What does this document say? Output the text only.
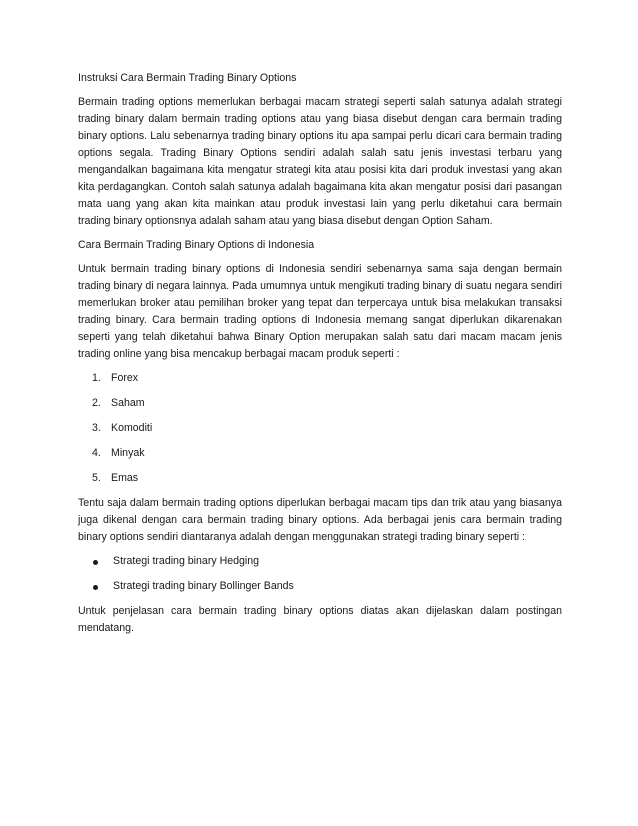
Instruksi Cara Bermain Trading Binary Options

Bermain trading options memerlukan berbagai macam strategi seperti salah satunya adalah strategi trading binary dalam bermain trading options atau yang biasa disebut dengan cara bermain trading binary options. Lalu sebenarnya trading binary options itu apa sampai perlu dicari cara bermain trading options segala. Trading Binary Options sendiri adalah salah satu jenis investasi terbaru yang mengandalkan bagaimana kita mengatur strategi kita atau posisi kita dari produk investasi yang akan kita perdagangkan. Contoh salah satunya adalah bagaimana kita akan mengatur posisi dari pasangan mata uang yang akan kita mainkan atau produk investasi lain yang perlu diketahui cara bermain trading binary optionsnya adalah saham atau yang biasa disebut dengan Option Saham.

Cara Bermain Trading Binary Options di Indonesia

Untuk bermain trading binary options di Indonesia sendiri sebenarnya sama saja dengan bermain trading binary di negara lainnya. Pada umumnya untuk mengikuti trading binary di suatu negara sendiri memerlukan broker atau pemilihan broker yang tepat dan terpercaya untuk bisa melakukan transaksi trading binary. Cara bermain trading options di Indonesia memang sangat diperlukan dikarenakan seperti yang telah diketahui bahwa Binary Option merupakan salah satu dari macam macam jenis trading online yang bisa mencakup berbagai macam produk seperti :

1. Forex
2. Saham
3. Komoditi
4. Minyak
5. Emas

Tentu saja dalam bermain trading options diperlukan berbagai macam tips dan trik atau yang biasanya juga dikenal dengan cara bermain trading binary options. Ada berbagai jenis cara bermain trading binary options sendiri diantaranya adalah dengan menggunakan strategi trading binary seperti :

Strategi trading binary Hedging
Strategi trading binary Bollinger Bands

Untuk penjelasan cara bermain trading binary options diatas akan dijelaskan dalam postingan mendatang.
